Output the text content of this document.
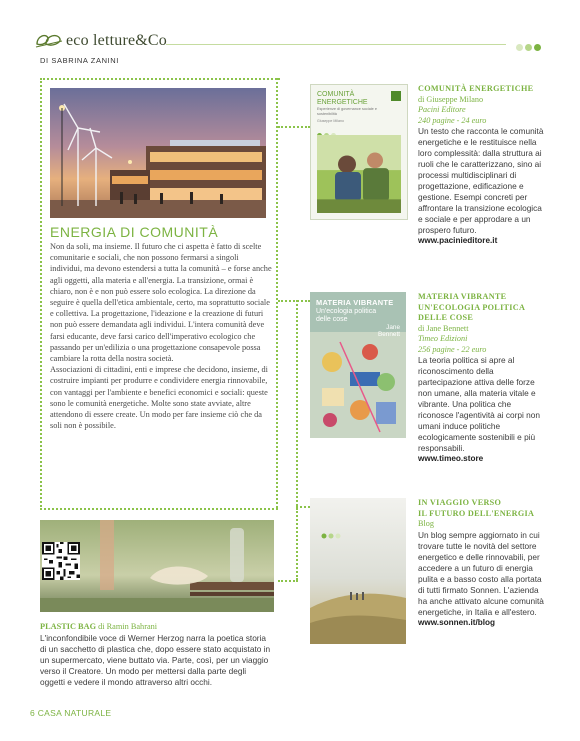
eco letture&Co
DI SABRINA ZANINI
ENERGIA DI COMUNITÀ

Non da soli, ma insieme. Il futuro che ci aspetta è fatto di scelte comunitarie e sociali, che non possono fermarsi a singoli individui, ma devono estendersi a tutta la comunità – e forse anche agli oggetti, alla materia e all'energia. La transizione, ormai è chiaro, non è e non può essere solo ecologica. La direzione da seguire è quella dell'etica ambientale, certo, ma soprattutto sociale e collettiva. La progettazione, l'ideazione e la creazione di futuri non può essere demandata agli individui. L'intera comunità deve farsi educante, deve farsi carico dell'imperativo ecologico che passando per un'edilizia o una progettazione consapevole possa cambiare la rotta della nostra società.

Associazioni di cittadini, enti e imprese che decidono, insieme, di costruire impianti per produrre e condividere energia rinnovabile, con vantaggi per l'ambiente e benefici economici e sociali: queste sono le comunità energetiche. Molte sono state avviate, altre attendono di essere create. Un modo per fare insieme ciò che da soli non è possibile.

COMUNITÀ ENERGETICHE
Esperienze di governance sociale e sostenibilità
Giuseppe Milano
COMUNITÀ ENERGETICHE
di Giuseppe Milano
Pacini Editore
240 pagine - 24 euro
Un testo che racconta le comunità energetiche e le restituisce nella loro complessità: dalla struttura ai ruoli che le caratterizzano, sino ai processi multidisciplinari di progettazione, edificazione e gestione. Esempi concreti per affrontare la transizione ecologica e sociale e per approdare a un prospero futuro.
www.pacinieditore.it
MATERIA VIBRANTE
Un'ecologia politica delle cose
Jane Bennett
MATERIA VIBRANTE
UN'ECOLOGIA POLITICA
DELLE COSE
di Jane Bennett
Timeo Edizioni
256 pagine - 22 euro
La teoria politica si apre al riconoscimento della partecipazione attiva delle forze non umane, alla materia vitale e vibrante. Una politica che riconosce l'agentività ai corpi non umani induce politiche ecologicamente sostenibili e più responsabili.
www.timeo.store
IN VIAGGIO VERSO
IL FUTURO DELL'ENERGIA
Blog
Un blog sempre aggiornato in cui trovare tutte le novità del settore energetico e delle rinnovabili, per accedere a un futuro di energia pulita e a basso costo alla portata di tutti firmato Sonnen. L'azienda ha anche attivato alcune comunità energetiche, in Italia e all'estero.
www.sonnen.it/blog
PLASTIC BAG di Ramin Bahrani
L'inconfondibile voce di Werner Herzog narra la poetica storia di un sacchetto di plastica che, dopo essere stato acquistato in un supermercato, viene buttato via. Parte, così, per un viaggio verso il Creatore. Un modo per mettersi dalla parte degli oggetti e vedere il mondo attraverso altri occhi.
6 CASA NATURALE
